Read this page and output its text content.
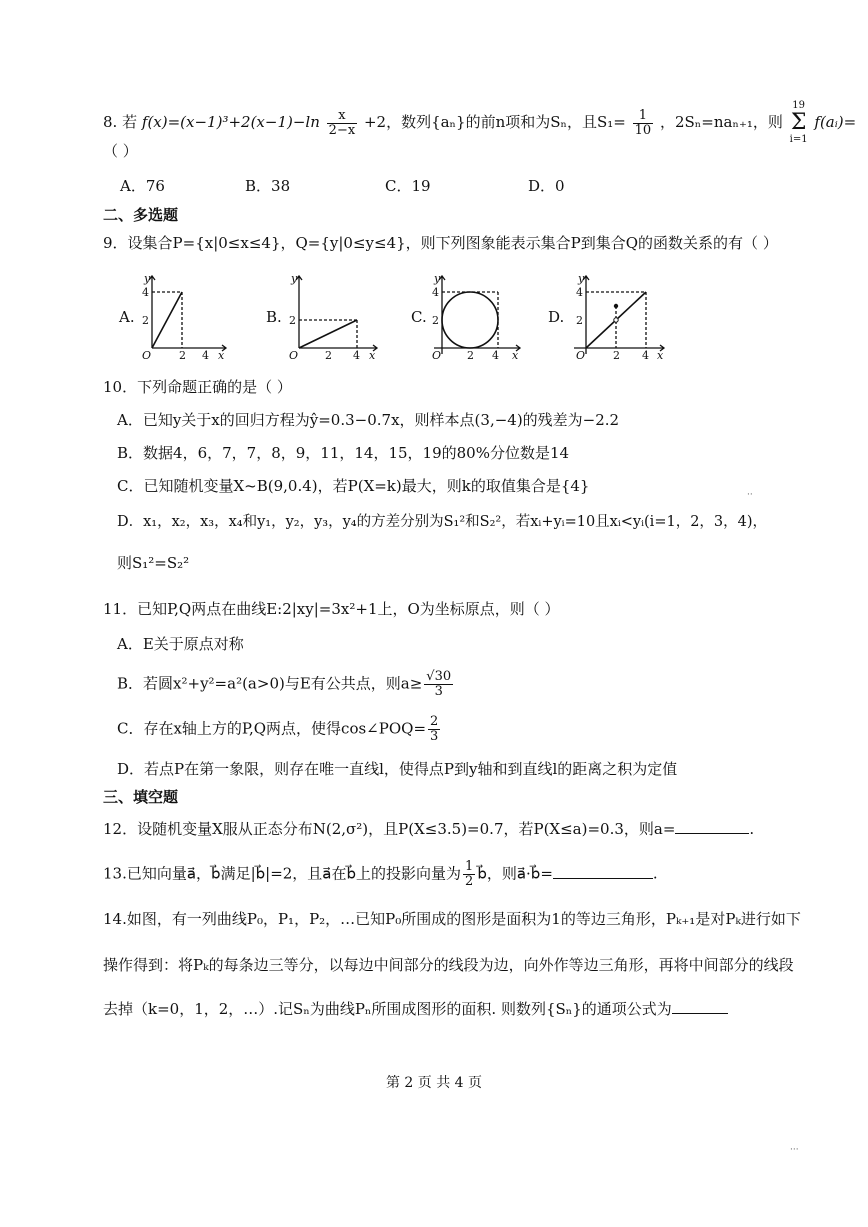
8. 若 $f(x)=(x-1)^3+2(x-1)-\ln \frac{x}{2-x} +2$，数列{aₙ}的前n项和为Sₙ，且$S_1= \frac{1}{10}$ ，2Sₙ=naₙ₊₁，则
19
Σ
i=1
f(aᵢ)=
（ ）
A．76	B．38	C．19	D．0
二、多选题
9．设集合P={x|0≤x≤4}，Q={y|0≤y≤4}，则下列图象能表示集合P到集合Q的函数关系的有（ ）
A.	B.	C.	D.
y
4
2
O	2 4 x
y
2
O 2 4 x
y
4
2
O 2 4 x
y
4
2
O	2 4 x
10．下列命题正确的是（ ）
A．已知y关于x的回归方程为ŷ=0.3−0.7x，则样本点(3,−4)的残差为−2.2
B．数据4，6，7，7，8，9，11，14，15，19的80%分位数是14
C．已知随机变量X~B(9,0.4)，若P(X=k)最大，则k的取值集合是{4}
D．x₁，x₂，x₃，x₄和y₁，y₂，y₃，y₄的方差分别为S₁²和S₂²，若xᵢ+yᵢ=10且xᵢ<yᵢ(i=1，2，3，4)，
则S₁²=S₂²
11．已知P,Q两点在曲线E:2|xy|=3x²+1上，O为坐标原点，则（ ）
A．E关于原点对称
B．若圆x²+y²=a²(a>0)与E有公共点，则$a\ge \frac{√30}{3}$
C．存在x轴上方的P,Q两点，使得cos∠POQ= $\frac{2}{3}$
D．若点P在第一象限，则存在唯一直线l，使得点P到y轴和到直线l的距离之积为定值
三、填空题
12．设随机变量X服从正态分布N(2,σ²)，且P(X≤3.5)=0.7，若P(X≤a)=0.3，则a=	.
13.已知向量a⃗，b⃗满足|b⃗|=2，且a⃗在b⃗上的投影向量为 $\frac{1}{2}$ b⃗，则a⃗·b⃗=	.
14.如图，有一列曲线P₀，P₁，P₂，…已知P₀所围成的图形是面积为1的等边三角形，Pₖ₊₁是对Pₖ进行如下
操作得到：将Pₖ的每条边三等分，以每边中间部分的线段为边，向外作等边三角形，再将中间部分的线段
去掉（k=0，1，2，…）.记Sₙ为曲线Pₙ所围成图形的面积. 则数列{Sₙ}的通项公式为
第 2 页 共 4 页
··
···
